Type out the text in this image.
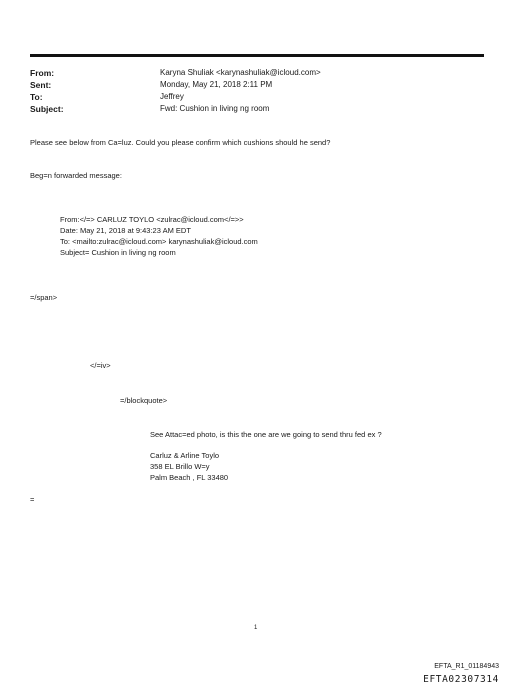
From:
Sent:
To:
Subject:
Karyna Shuliak <karynashuliak@icloud.com>
Monday, May 21, 2018 2:11 PM
Jeffrey
Fwd: Cushion in living ng room
Please see below from Ca=luz. Could you please confirm which cushions should he send?
Beg=n forwarded message:
From:</=> CARLUZ TOYLO <zulrac@icloud.com</=>>
Date: May 21, 2018 at 9:43:23 AM EDT
To: <mailto:zulrac@icloud.com> karynashuliak@icloud.com
Subject= Cushion in living ng room
=/span>
</=iv>
=/blockquote>
See Attac=ed photo, is this the one are we going to send thru fed ex ?
Carluz & Arline Toylo
358 EL Brillo W=y
Palm Beach , FL 33480
=
1
EFTA_R1_01184943
EFTA02307314
